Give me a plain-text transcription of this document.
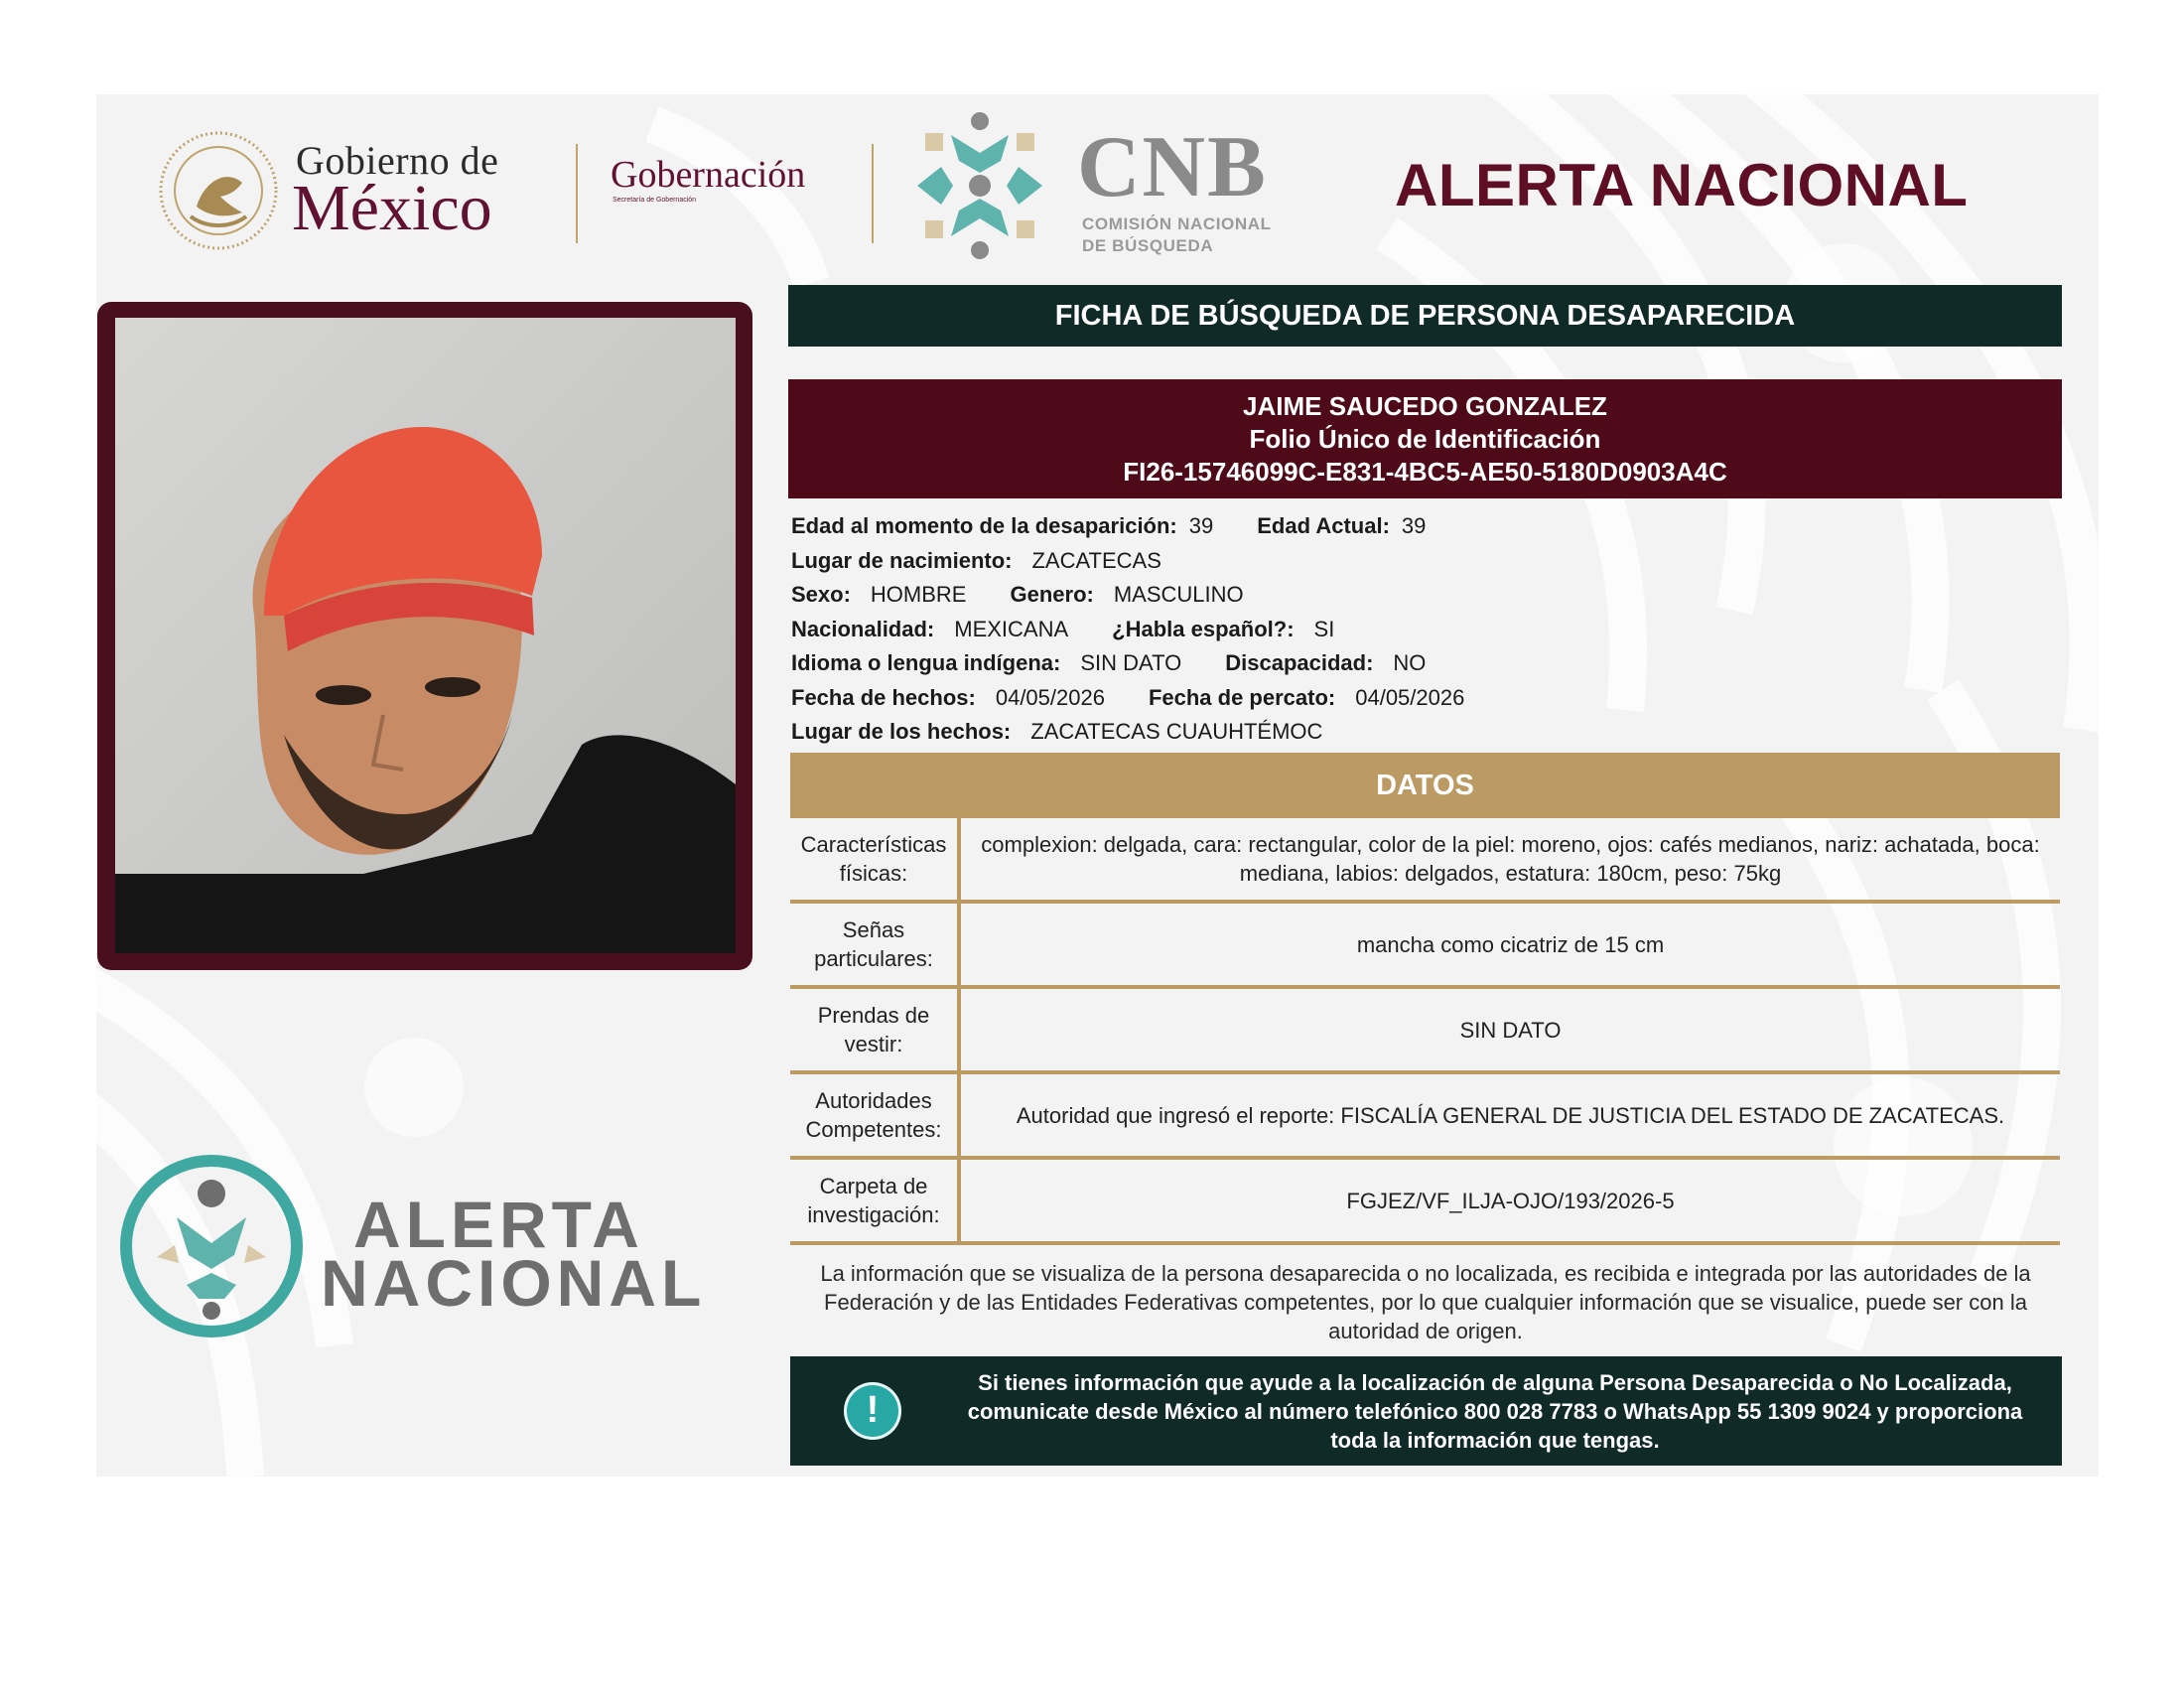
Gobierno de
México	Gobernación
Secretaría de Gobernación	CNB
COMISIÓN NACIONAL
DE BÚSQUEDA
ALERTA NACIONAL
ALERTA
NACIONAL
FICHA DE BÚSQUEDA DE PERSONA DESAPARECIDA
JAIME SAUCEDO GONZALEZ
Folio Único de Identificación
FI26-15746099C-E831-4BC5-AE50-5180D0903A4C
Edad al momento de la desaparición: 39 Edad Actual: 39
Lugar de nacimiento: ZACATECAS
Sexo: HOMBRE Genero: MASCULINO
Nacionalidad: MEXICANA ¿Habla español?: SI
Idioma o lengua indígena: SIN DATO Discapacidad: NO
Fecha de hechos: 04/05/2026 Fecha de percato: 04/05/2026
Lugar de los hechos: ZACATECAS CUAUHTÉMOC
DATOS
Características físicas:
complexion: delgada, cara: rectangular, color de la piel: moreno, ojos: cafés medianos, nariz: achatada, boca: mediana, labios: delgados, estatura: 180cm, peso: 75kg
Señas particulares:
mancha como cicatriz de 15 cm
Prendas de vestir:
SIN DATO
Autoridades Competentes:
Autoridad que ingresó el reporte: FISCALÍA GENERAL DE JUSTICIA DEL ESTADO DE ZACATECAS.
Carpeta de investigación:
FGJEZ/VF_ILJA-OJO/193/2026-5
La información que se visualiza de la persona desaparecida o no localizada, es recibida e integrada por las autoridades de la Federación y de las Entidades Federativas competentes, por lo que cualquier información que se visualice, puede ser con la autoridad de origen.
!
Si tienes información que ayude a la localización de alguna Persona Desaparecida o No Localizada, comunicate desde México al número telefónico 800 028 7783 o WhatsApp 55 1309 9024 y proporciona toda la información que tengas.
